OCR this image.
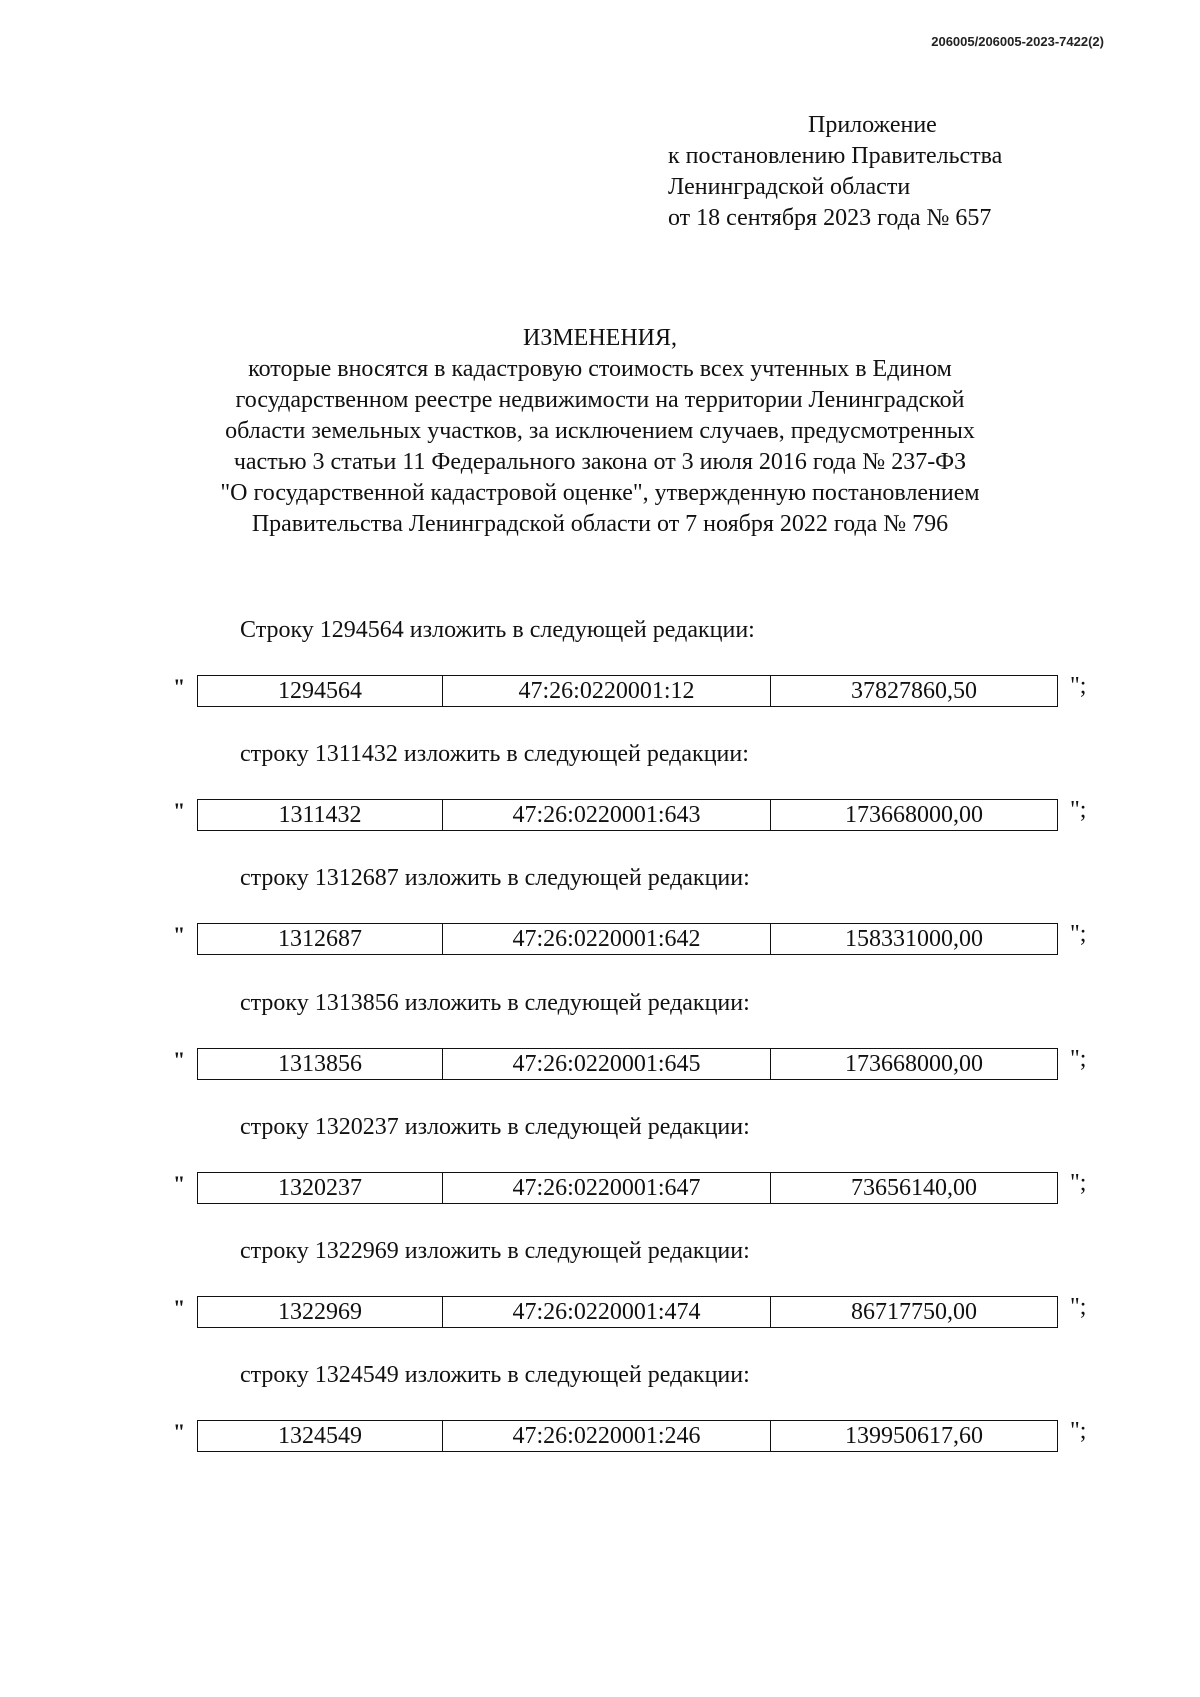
206005/206005-2023-7422(2)
Приложение
к постановлению Правительства
Ленинградской области
от 18 сентября 2023 года № 657
ИЗМЕНЕНИЯ,
которые вносятся в кадастровую стоимость всех учтенных в Едином
государственном реестре недвижимости на территории Ленинградской
области земельных участков, за исключением случаев, предусмотренных
частью 3 статьи 11 Федерального закона от 3 июля 2016 года № 237-ФЗ
"О государственной кадастровой оценке", утвержденную постановлением
Правительства Ленинградской области от 7 ноября 2022 года № 796
Строку 1294564 изложить в следующей редакции:
"	1294564	47:26:0220001:12	37827860,50	";
строку 1311432 изложить в следующей редакции:
"	1311432	47:26:0220001:643	173668000,00	";
строку 1312687 изложить в следующей редакции:
"	1312687	47:26:0220001:642	158331000,00	";
строку 1313856 изложить в следующей редакции:
"	1313856	47:26:0220001:645	173668000,00	";
строку 1320237 изложить в следующей редакции:
"	1320237	47:26:0220001:647	73656140,00	";
строку 1322969 изложить в следующей редакции:
"	1322969	47:26:0220001:474	86717750,00	";
строку 1324549 изложить в следующей редакции:
"	1324549	47:26:0220001:246	139950617,60	";
